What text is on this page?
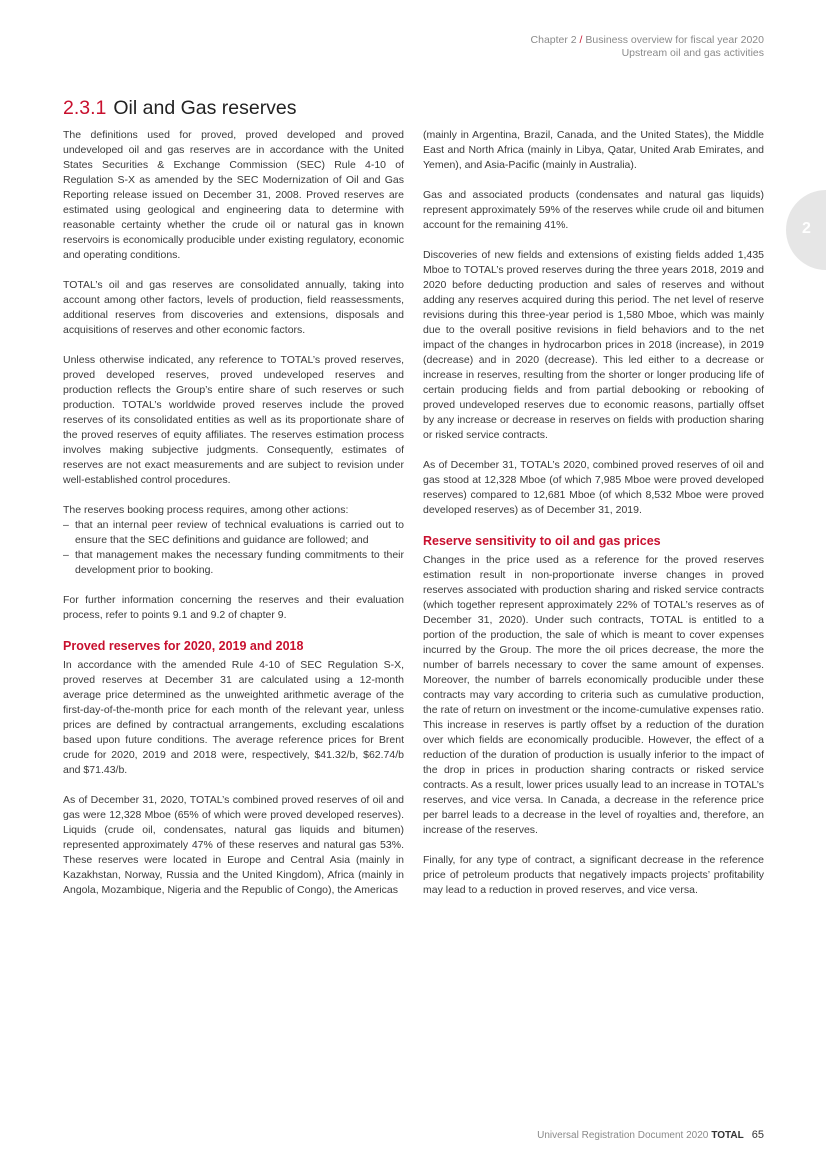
Chapter 2 / Business overview for fiscal year 2020
Upstream oil and gas activities
2
2.3.1 Oil and Gas reserves

The definitions used for proved, proved developed and proved undeveloped oil and gas reserves are in accordance with the United States Securities & Exchange Commission (SEC) Rule 4-10 of Regulation S-X as amended by the SEC Modernization of Oil and Gas Reporting release issued on December 31, 2008. Proved reserves are estimated using geological and engineering data to determine with reasonable certainty whether the crude oil or natural gas in known reservoirs is economically producible under existing regulatory, economic and operating conditions.

TOTAL’s oil and gas reserves are consolidated annually, taking into account among other factors, levels of production, field reassessments, additional reserves from discoveries and extensions, disposals and acquisitions of reserves and other economic factors.

Unless otherwise indicated, any reference to TOTAL’s proved reserves, proved developed reserves, proved undeveloped reserves and production reflects the Group’s entire share of such reserves or such production. TOTAL’s worldwide proved reserves include the proved reserves of its consolidated entities as well as its proportionate share of the proved reserves of equity affiliates. The reserves estimation process involves making subjective judgments. Consequently, estimates of reserves are not exact measurements and are subject to revision under well-established control procedures.

The reserves booking process requires, among other actions:

– that an internal peer review of technical evaluations is carried out to ensure that the SEC definitions and guidance are followed; and
– that management makes the necessary funding commitments to their development prior to booking.

For further information concerning the reserves and their evaluation process, refer to points 9.1 and 9.2 of chapter 9.

Proved reserves for 2020, 2019 and 2018

In accordance with the amended Rule 4-10 of SEC Regulation S-X, proved reserves at December 31 are calculated using a 12-month average price determined as the unweighted arithmetic average of the first-day-of-the-month price for each month of the relevant year, unless prices are defined by contractual arrangements, excluding escalations based upon future conditions. The average reference prices for Brent crude for 2020, 2019 and 2018 were, respectively, $41.32/b, $62.74/b and $71.43/b.

As of December 31, 2020, TOTAL’s combined proved reserves of oil and gas were 12,328 Mboe (65% of which were proved developed reserves). Liquids (crude oil, condensates, natural gas liquids and bitumen) represented approximately 47% of these reserves and natural gas 53%. These reserves were located in Europe and Central Asia (mainly in Kazakhstan, Norway, Russia and the United Kingdom), Africa (mainly in Angola, Mozambique, Nigeria and the Republic of Congo), the Americas

(mainly in Argentina, Brazil, Canada, and the United States), the Middle East and North Africa (mainly in Libya, Qatar, United Arab Emirates, and Yemen), and Asia-Pacific (mainly in Australia).

Gas and associated products (condensates and natural gas liquids) represent approximately 59% of the reserves while crude oil and bitumen account for the remaining 41%.

Discoveries of new fields and extensions of existing fields added 1,435 Mboe to TOTAL’s proved reserves during the three years 2018, 2019 and 2020 before deducting production and sales of reserves and without adding any reserves acquired during this period. The net level of reserve revisions during this three-year period is 1,580 Mboe, which was mainly due to the overall positive revisions in field behaviors and to the net impact of the changes in hydrocarbon prices in 2018 (increase), in 2019 (decrease) and in 2020 (decrease). This led either to a decrease or increase in reserves, resulting from the shorter or longer producing life of certain producing fields and from partial debooking or rebooking of proved undeveloped reserves due to economic reasons, partially offset by any increase or decrease in reserves on fields with production sharing or risked service contracts.

As of December 31, TOTAL’s 2020, combined proved reserves of oil and gas stood at 12,328 Mboe (of which 7,985 Mboe were proved developed reserves) compared to 12,681 Mboe (of which 8,532 Mboe were proved developed reserves) as of December 31, 2019.

Reserve sensitivity to oil and gas prices

Changes in the price used as a reference for the proved reserves estimation result in non-proportionate inverse changes in proved reserves associated with production sharing and risked service contracts (which together represent approximately 22% of TOTAL’s reserves as of December 31, 2020). Under such contracts, TOTAL is entitled to a portion of the production, the sale of which is meant to cover expenses incurred by the Group. The more the oil prices decrease, the more the number of barrels necessary to cover the same amount of expenses. Moreover, the number of barrels economically producible under these contracts may vary according to criteria such as cumulative production, the rate of return on investment or the income-cumulative expenses ratio. This increase in reserves is partly offset by a reduction of the duration over which fields are economically producible. However, the effect of a reduction of the duration of production is usually inferior to the impact of the drop in prices in production sharing contracts or risked service contracts. As a result, lower prices usually lead to an increase in TOTAL’s reserves, and vice versa. In Canada, a decrease in the reference price per barrel leads to a decrease in the level of royalties and, therefore, an increase of the reserves.

Finally, for any type of contract, a significant decrease in the reference price of petroleum products that negatively impacts projects’ profitability may lead to a reduction in proved reserves, and vice versa.

Universal Registration Document 2020 TOTAL 65
